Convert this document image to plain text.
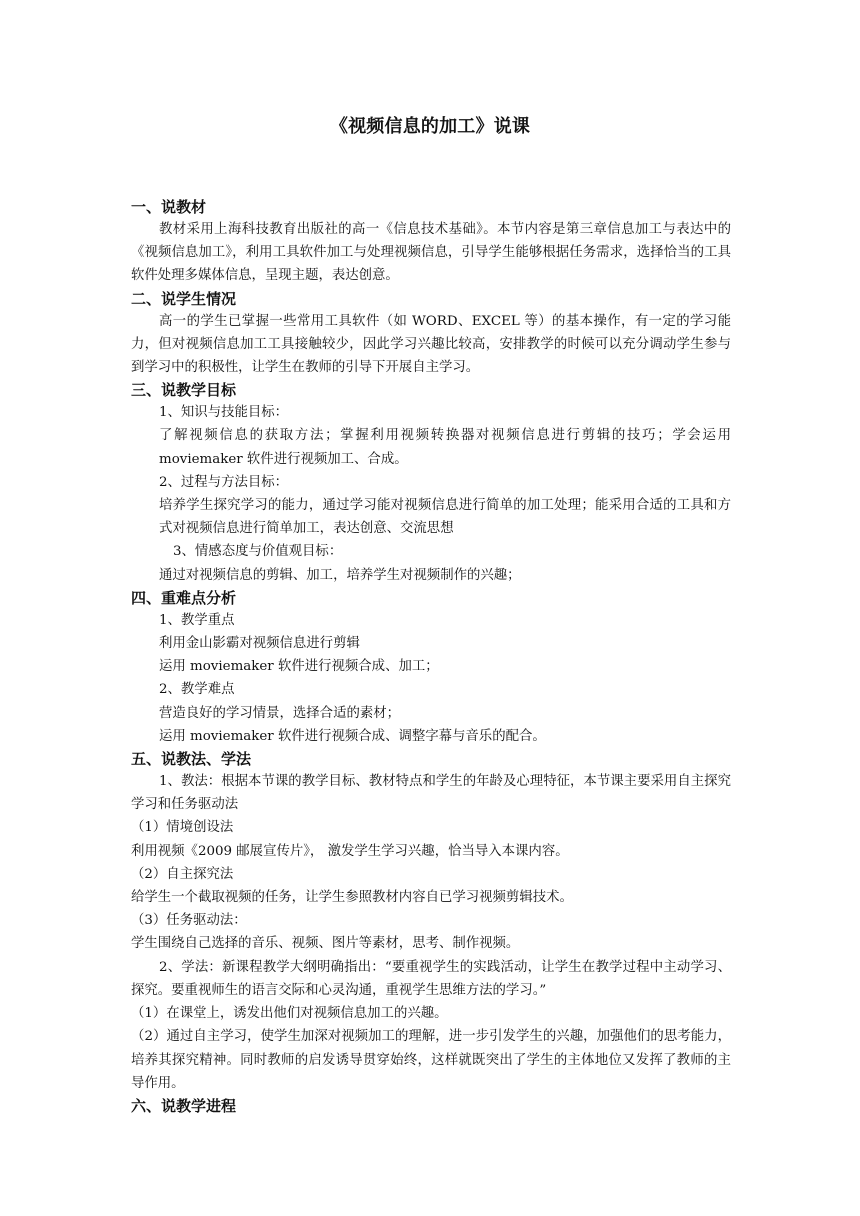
《视频信息的加工》说课
一、说教材

教材采用上海科技教育出版社的高一《信息技术基础》。本节内容是第三章信息加工与表达中的《视频信息加工》，利用工具软件加工与处理视频信息，引导学生能够根据任务需求，选择恰当的工具软件处理多媒体信息，呈现主题，表达创意。

二、说学生情况

高一的学生已掌握一些常用工具软件（如 WORD、EXCEL 等）的基本操作，有一定的学习能力，但对视频信息加工工具接触较少，因此学习兴趣比较高，安排教学的时候可以充分调动学生参与到学习中的积极性，让学生在教师的引导下开展自主学习。

三、说教学目标

1、知识与技能目标：

了解视频信息的获取方法；掌握利用视频转换器对视频信息进行剪辑的技巧；学会运用 moviemaker 软件进行视频加工、合成。

2、过程与方法目标：

培养学生探究学习的能力，通过学习能对视频信息进行简单的加工处理；能采用合适的工具和方式对视频信息进行简单加工，表达创意、交流思想

3、情感态度与价值观目标：

通过对视频信息的剪辑、加工，培养学生对视频制作的兴趣；

四、重难点分析

1、教学重点

利用金山影霸对视频信息进行剪辑

运用 moviemaker 软件进行视频合成、加工；

2、教学难点

营造良好的学习情景，选择合适的素材；

运用 moviemaker 软件进行视频合成、调整字幕与音乐的配合。

五、说教法、学法

1、教法：根据本节课的教学目标、教材特点和学生的年龄及心理特征，本节课主要采用自主探究学习和任务驱动法

（1）情境创设法

利用视频《2009 邮展宣传片》， 激发学生学习兴趣，恰当导入本课内容。

（2）自主探究法

给学生一个截取视频的任务，让学生参照教材内容自已学习视频剪辑技术。

（3）任务驱动法：

学生围绕自己选择的音乐、视频、图片等素材，思考、制作视频。

2、学法：新课程教学大纲明确指出：“要重视学生的实践活动，让学生在教学过程中主动学习、探究。要重视师生的语言交际和心灵沟通，重视学生思维方法的学习。”

（1）在课堂上，诱发出他们对视频信息加工的兴趣。

（2）通过自主学习，使学生加深对视频加工的理解，进一步引发学生的兴趣，加强他们的思考能力，培养其探究精神。同时教师的启发诱导贯穿始终，这样就既突出了学生的主体地位又发挥了教师的主导作用。

六、说教学进程
